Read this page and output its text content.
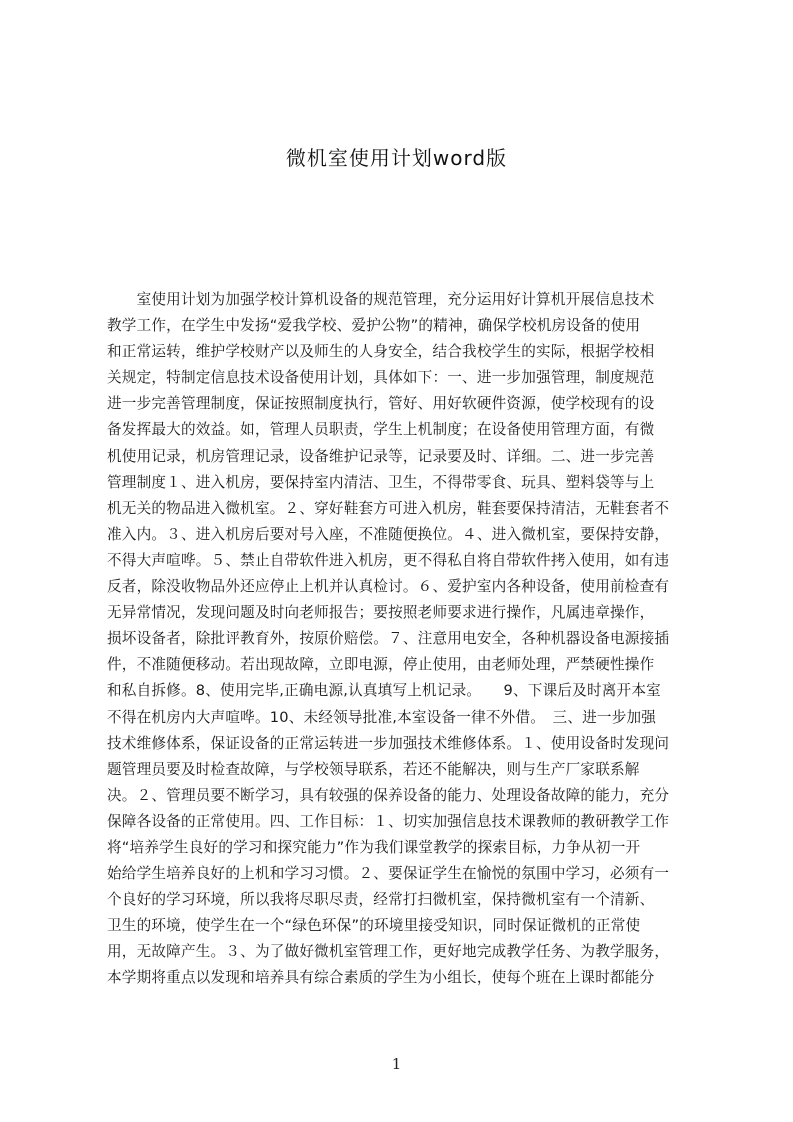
微机室使用计划word版
　　室使用计划为加强学校计算机设备的规范管理，充分运用好计算机开展信息技术
教学工作，在学生中发扬“爱我学校、爱护公物”的精神，确保学校机房设备的使用
和正常运转，维护学校财产以及师生的人身安全，结合我校学生的实际，根据学校相
关规定，特制定信息技术设备使用计划，具体如下：一、进一步加强管理，制度规范
进一步完善管理制度，保证按照制度执行，管好、用好软硬件资源，使学校现有的设
备发挥最大的效益。如，管理人员职责，学生上机制度；在设备使用管理方面，有微
机使用记录，机房管理记录，设备维护记录等，记录要及时、详细。二、进一步完善
管理制度１、进入机房，要保持室内清洁、卫生，不得带零食、玩具、塑料袋等与上
机无关的物品进入微机室。２、穿好鞋套方可进入机房，鞋套要保持清洁，无鞋套者不
准入内。３、进入机房后要对号入座，不准随便换位。４、进入微机室，要保持安静，
不得大声喧哗。５、禁止自带软件进入机房，更不得私自将自带软件拷入使用，如有违
反者，除没收物品外还应停止上机并认真检讨。６、爱护室内各种设备，使用前检查有
无异常情况，发现问题及时向老师报告；要按照老师要求进行操作，凡属违章操作，
损坏设备者，除批评教育外，按原价赔偿。７、注意用电安全，各种机器设备电源接插
件，不准随便移动。若出现故障，立即电源，停止使用，由老师处理，严禁硬性操作
和私自拆修。8、使用完毕,正确电源,认真填写上机记录。　　9、下课后及时离开本室
不得在机房内大声喧哗。10、未经领导批准,本室设备一律不外借。　三、进一步加强
技术维修体系，保证设备的正常运转进一步加强技术维修体系。１、使用设备时发现问
题管理员要及时检查故障，与学校领导联系，若还不能解决，则与生产厂家联系解
决。２、管理员要不断学习，具有较强的保养设备的能力、处理设备故障的能力，充分
保障各设备的正常使用。四、工作目标：１、切实加强信息技术课教师的教研教学工作
将“培养学生良好的学习和探究能力”作为我们课堂教学的探索目标，力争从初一开
始给学生培养良好的上机和学习习惯。２、要保证学生在愉悦的氛围中学习，必须有一
个良好的学习环境，所以我将尽职尽责，经常打扫微机室，保持微机室有一个清新、
卫生的环境，使学生在一个“绿色环保”的环境里接受知识，同时保证微机的正常使
用，无故障产生。３、为了做好微机室管理工作，更好地完成教学任务、为教学服务，
本学期将重点以发现和培养具有综合素质的学生为小组长，使每个班在上课时都能分
1
